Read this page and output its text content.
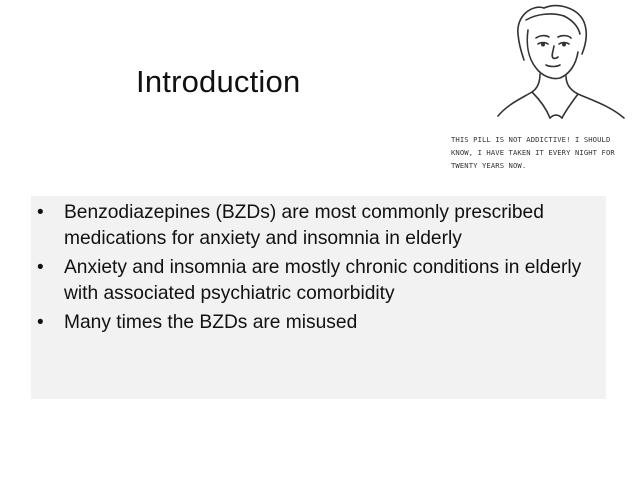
Introduction
THIS PILL IS NOT ADDICTIVE! I SHOULD KNOW, I HAVE TAKEN IT EVERY NIGHT FOR TWENTY YEARS NOW.
• Benzodiazepines (BZDs) are most commonly prescribed medications for anxiety and insomnia in elderly
• Anxiety and insomnia are mostly chronic conditions in elderly with associated psychiatric comorbidity
• Many times the BZDs are misused
